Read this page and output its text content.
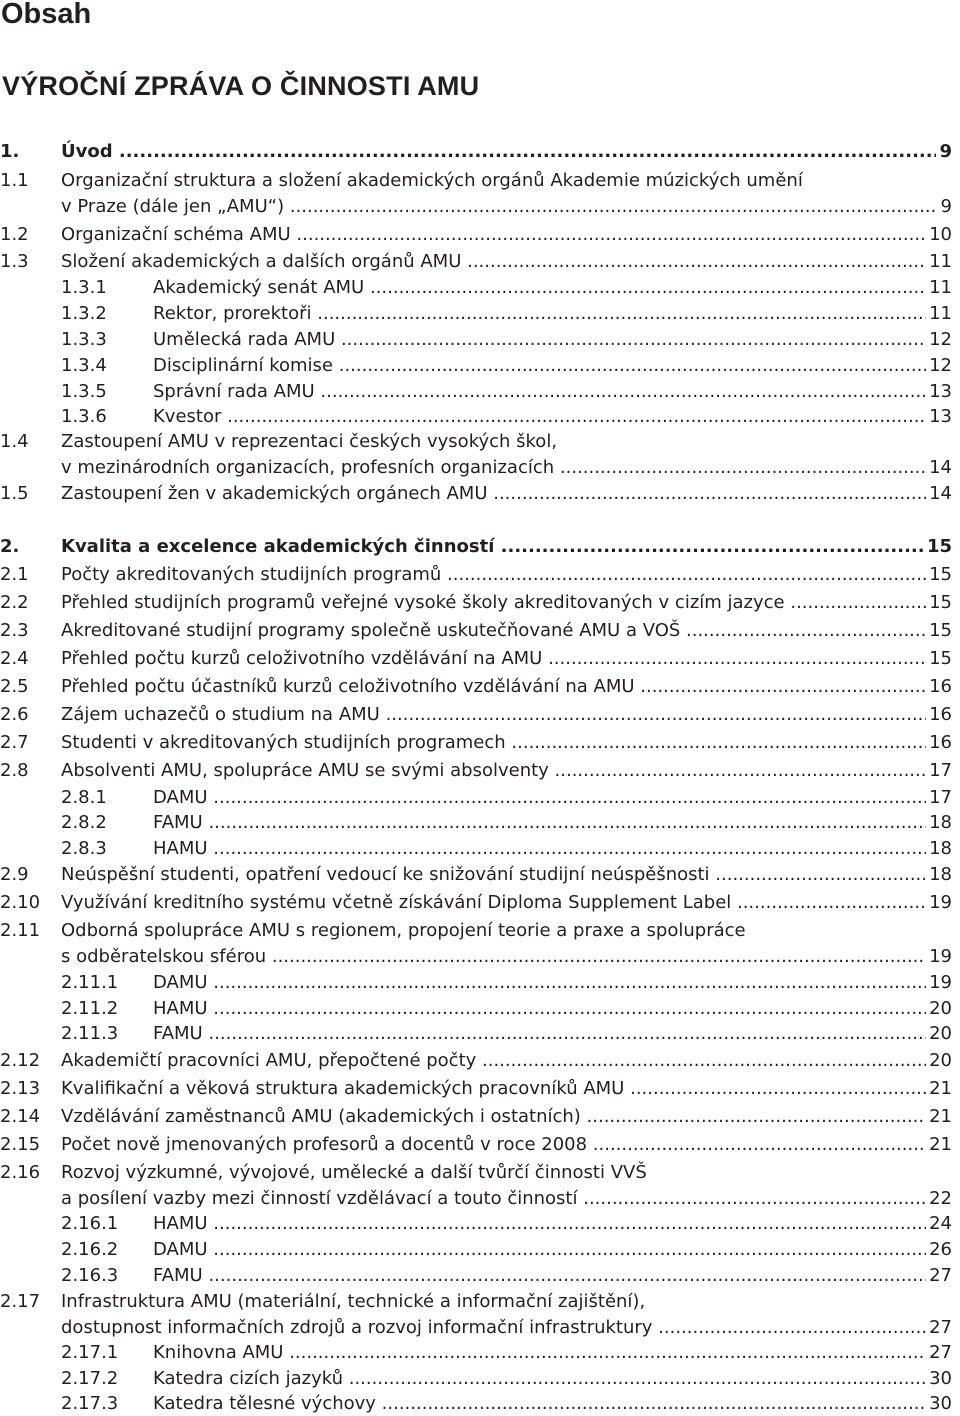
Obsah
VÝROČNÍ ZPRÁVA O ČINNOSTI AMU
1. Úvod .....	9
1.1 Organizační struktura a složení akademických orgánů Akademie múzických umění
v Praze (dále jen „AMU“) .....	9
1.2 Organizační schéma AMU .....	10
1.3 Složení akademických a dalších orgánů AMU .....	11
1.3.1	Akademický senát AMU .....	11
1.3.2	Rektor, prorektoři .....	11
1.3.3	Umělecká rada AMU .....	12
1.3.4	Disciplinární komise .....	12
1.3.5	Správní rada AMU .....	13
1.3.6	Kvestor .....	13
1.4 Zastoupení AMU v reprezentaci českých vysokých škol,
v mezinárodních organizacích, profesních organizacích .....	14
1.5 Zastoupení žen v akademických orgánech AMU .....	14
2. Kvalita a excelence akademických činností .....	15
2.1 Počty akreditovaných studijních programů .....	15
2.2 Přehled studijních programů veřejné vysoké školy akreditovaných v cizím jazyce .....	15
2.3 Akreditované studijní programy společně uskutečňované AMU a VOŠ .....	15
2.4 Přehled počtu kurzů celoživotního vzdělávání na AMU .....	15
2.5 Přehled počtu účastníků kurzů celoživotního vzdělávání na AMU .....	16
2.6 Zájem uchazečů o studium na AMU .....	16
2.7 Studenti v akreditovaných studijních programech .....	16
2.8 Absolventi AMU, spolupráce AMU se svými absolventy .....	17
2.8.1	DAMU .....	17
2.8.2	FAMU .....	18
2.8.3	HAMU .....	18
2.9 Neúspěšní studenti, opatření vedoucí ke snižování studijní neúspěšnosti .....	18
2.10 Využívání kreditního systému včetně získávání Diploma Supplement Label .....	19
2.11 Odborná spolupráce AMU s regionem, propojení teorie a praxe a spolupráce
s odběratelskou sférou .....	19
2.11.1 DAMU .....	19
2.11.2 HAMU .....	20
2.11.3 FAMU .....	20
2.12 Akademičtí pracovníci AMU, přepočtené počty .....	20
2.13 Kvalifikační a věková struktura akademických pracovníků AMU .....	21
2.14 Vzdělávání zaměstnanců AMU (akademických i ostatních) .....	21
2.15 Počet nově jmenovaných profesorů a docentů v roce 2008 .....	21
2.16 Rozvoj výzkumné, vývojové, umělecké a další tvůrčí činnosti VVŠ
a posílení vazby mezi činností vzdělávací a touto činností .....	22
2.16.1 HAMU .....	24
2.16.2 DAMU .....	26
2.16.3 FAMU .....	27
2.17 Infrastruktura AMU (materiální, technické a informační zajištění),
dostupnost informačních zdrojů a rozvoj informační infrastruktury .....	27
2.17.1 Knihovna AMU .....	27
2.17.2 Katedra cizích jazyků .....	30
2.17.3 Katedra tělesné výchovy .....	30
